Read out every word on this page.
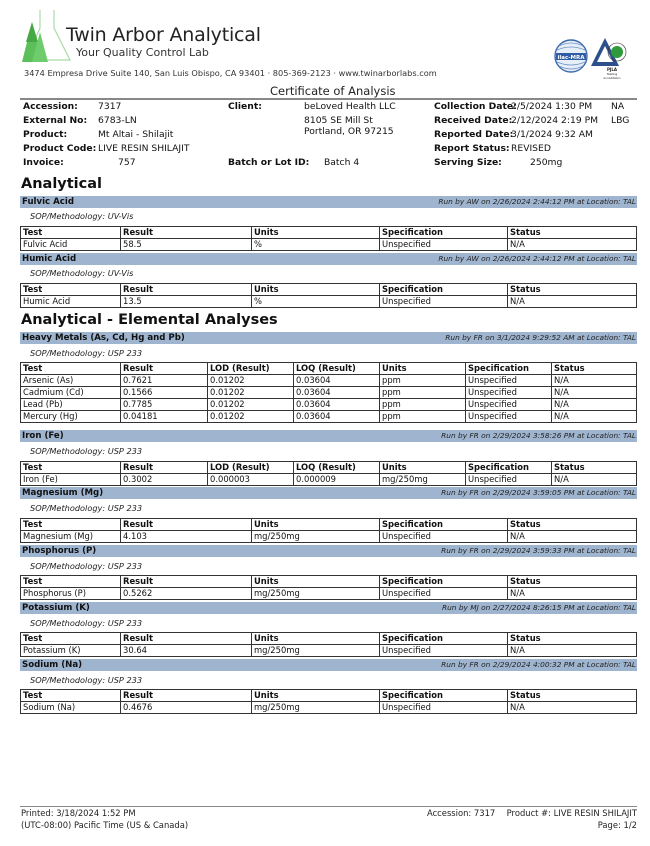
Twin Arbor Analytical
Your Quality Control Lab
3474 Empresa Drive Suite 140, San Luis Obispo, CA 93401 · 805-369-2123 · www.twinarborlabs.com
ilac-MRA
PJLA
Testing
Accreditation
Certificate of Analysis
Accession: 7317
External No: 6783-LN
Product:	Mt Altai - Shilajit
Product Code: LIVE RESIN SHILAJIT
Invoice:	757
Client:	beLoved Health LLC
8105 SE Mill St
Portland, OR 97215
Batch or Lot ID: Batch 4
Collection Date:
2/5/2024 1:30 PM NA
Received Date:
2/12/2024 2:19 PM LBG
Reported Date:
3/1/2024 9:32 AM
Report Status: REVISED
Serving Size:	250mg
Analytical
Fulvic Acid	Run by AW on 2/26/2024 2:44:12 PM at Location: TAL
SOP/Methodology: UV-Vis
Test	Result	Units	Specification	Status
Fulvic Acid	58.5	%	Unspecified	N/A
Humic Acid	Run by AW on 2/26/2024 2:44:12 PM at Location: TAL
SOP/Methodology: UV-Vis
Test	Result	Units	Specification	Status
Humic Acid	13.5	%	Unspecified	N/A
Analytical - Elemental Analyses
Heavy Metals (As, Cd, Hg and Pb)	Run by FR on 3/1/2024 9:29:52 AM at Location: TAL
SOP/Methodology: USP 233
Test	Result	LOD (Result)	LOQ (Result)	Units	Specification	Status
Arsenic (As)	0.7621	0.01202	0.03604	ppm	Unspecified	N/A
Cadmium (Cd)	0.1566	0.01202	0.03604	ppm	Unspecified	N/A
Lead (Pb)	0.7785	0.01202	0.03604	ppm	Unspecified	N/A
Mercury (Hg)	0.04181	0.01202	0.03604	ppm	Unspecified	N/A
Iron (Fe)	Run by FR on 2/29/2024 3:58:26 PM at Location: TAL
SOP/Methodology: USP 233
Test	Result	LOD (Result)	LOQ (Result)	Units	Specification	Status
Iron (Fe)	0.3002	0.000003	0.000009	mg/250mg	Unspecified	N/A
Magnesium (Mg)	Run by FR on 2/29/2024 3:59:05 PM at Location: TAL
SOP/Methodology: USP 233
Test	Result	Units	Specification	Status
Magnesium (Mg)	4.103	mg/250mg	Unspecified	N/A
Phosphorus (P)	Run by FR on 2/29/2024 3:59:33 PM at Location: TAL
SOP/Methodology: USP 233
Test	Result	Units	Specification	Status
Phosphorus (P)	0.5262	mg/250mg	Unspecified	N/A
Potassium (K)	Run by MJ on 2/27/2024 8:26:15 PM at Location: TAL
SOP/Methodology: USP 233
Test	Result	Units	Specification	Status
Potassium (K)	30.64	mg/250mg	Unspecified	N/A
Sodium (Na)	Run by FR on 2/29/2024 4:00:32 PM at Location: TAL
SOP/Methodology: USP 233
Test	Result	Units	Specification	Status
Sodium (Na)	0.4676	mg/250mg	Unspecified	N/A
Printed: 3/18/2024 1:52 PM
(UTC-08:00) Pacific Time (US & Canada)
Accession: 7317 Product #: LIVE RESIN SHILAJIT
Page: 1/2
